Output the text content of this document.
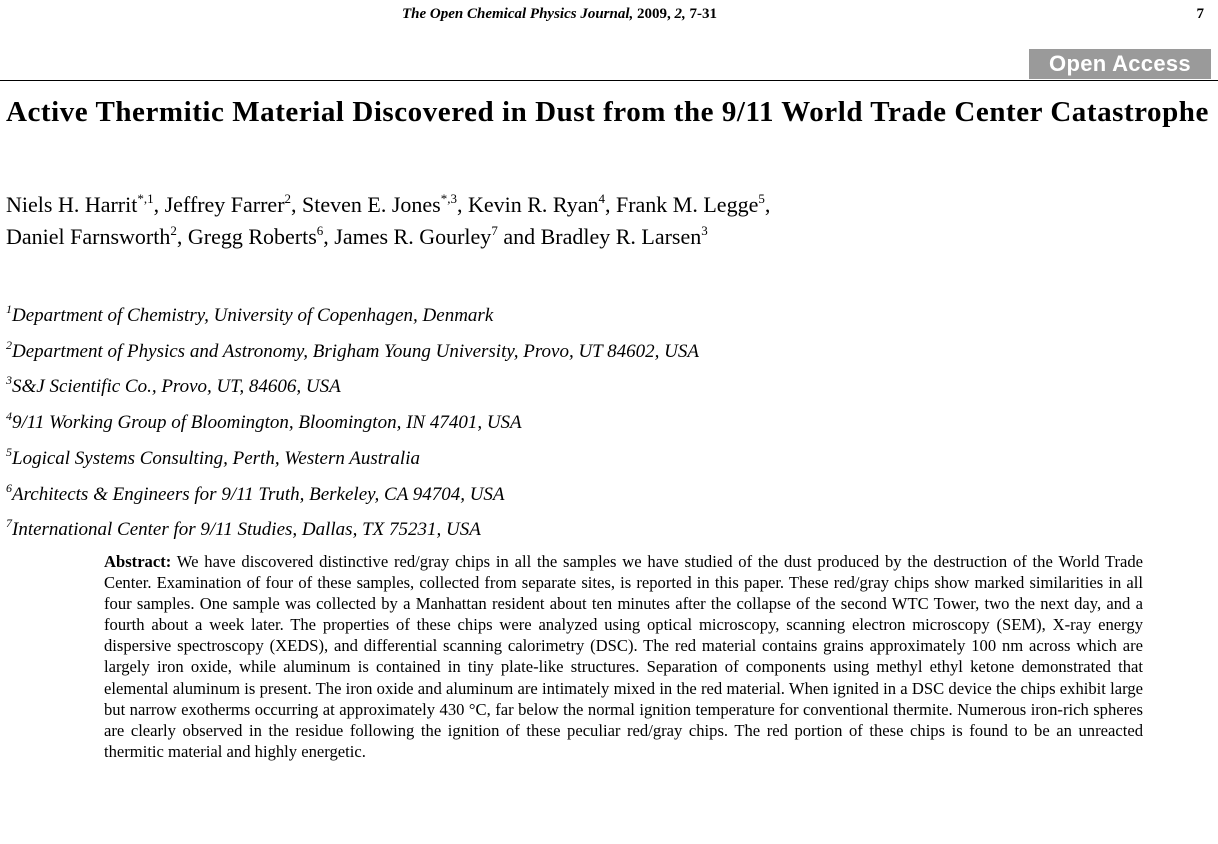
The Open Chemical Physics Journal, 2009, 2, 7-31	7
Open Access
Active Thermitic Material Discovered in Dust from the 9/11 World Trade Center Catastrophe

Niels H. Harrit$^{*,1}$, Jeffrey Farrer$^2$, Steven E. Jones$^{*,3}$, Kevin R. Ryan$^4$, Frank M. Legge$^5$,
Daniel Farnsworth$^2$, Gregg Roberts$^6$, James R. Gourley$^7$ and Bradley R. Larsen$^3$

$^1$Department of Chemistry, University of Copenhagen, Denmark
$^2$Department of Physics and Astronomy, Brigham Young University, Provo, UT 84602, USA
$^3$S&J Scientific Co., Provo, UT, 84606, USA
$^4$9/11 Working Group of Bloomington, Bloomington, IN 47401, USA
$^5$Logical Systems Consulting, Perth, Western Australia
$^6$Architects & Engineers for 9/11 Truth, Berkeley, CA 94704, USA
$^7$International Center for 9/11 Studies, Dallas, TX 75231, USA

Abstract: We have discovered distinctive red/gray chips in all the samples we have studied of the dust produced by the destruction of the World Trade Center. Examination of four of these samples, collected from separate sites, is reported in this paper. These red/gray chips show marked similarities in all four samples. One sample was collected by a Manhattan resident about ten minutes after the collapse of the second WTC Tower, two the next day, and a fourth about a week later. The properties of these chips were analyzed using optical microscopy, scanning electron microscopy (SEM), X-ray energy dispersive spectroscopy (XEDS), and differential scanning calorimetry (DSC). The red material contains grains approximately 100 nm across which are largely iron oxide, while aluminum is contained in tiny plate-like structures. Separation of components using methyl ethyl ketone demonstrated that elemental aluminum is present. The iron oxide and aluminum are intimately mixed in the red material. When ignited in a DSC device the chips exhibit large but narrow exotherms occurring at approximately 430 °C, far below the normal ignition temperature for conventional thermite. Numerous iron-rich spheres are clearly observed in the residue following the ignition of these peculiar red/gray chips. The red portion of these chips is found to be an unreacted thermitic material and highly energetic.
